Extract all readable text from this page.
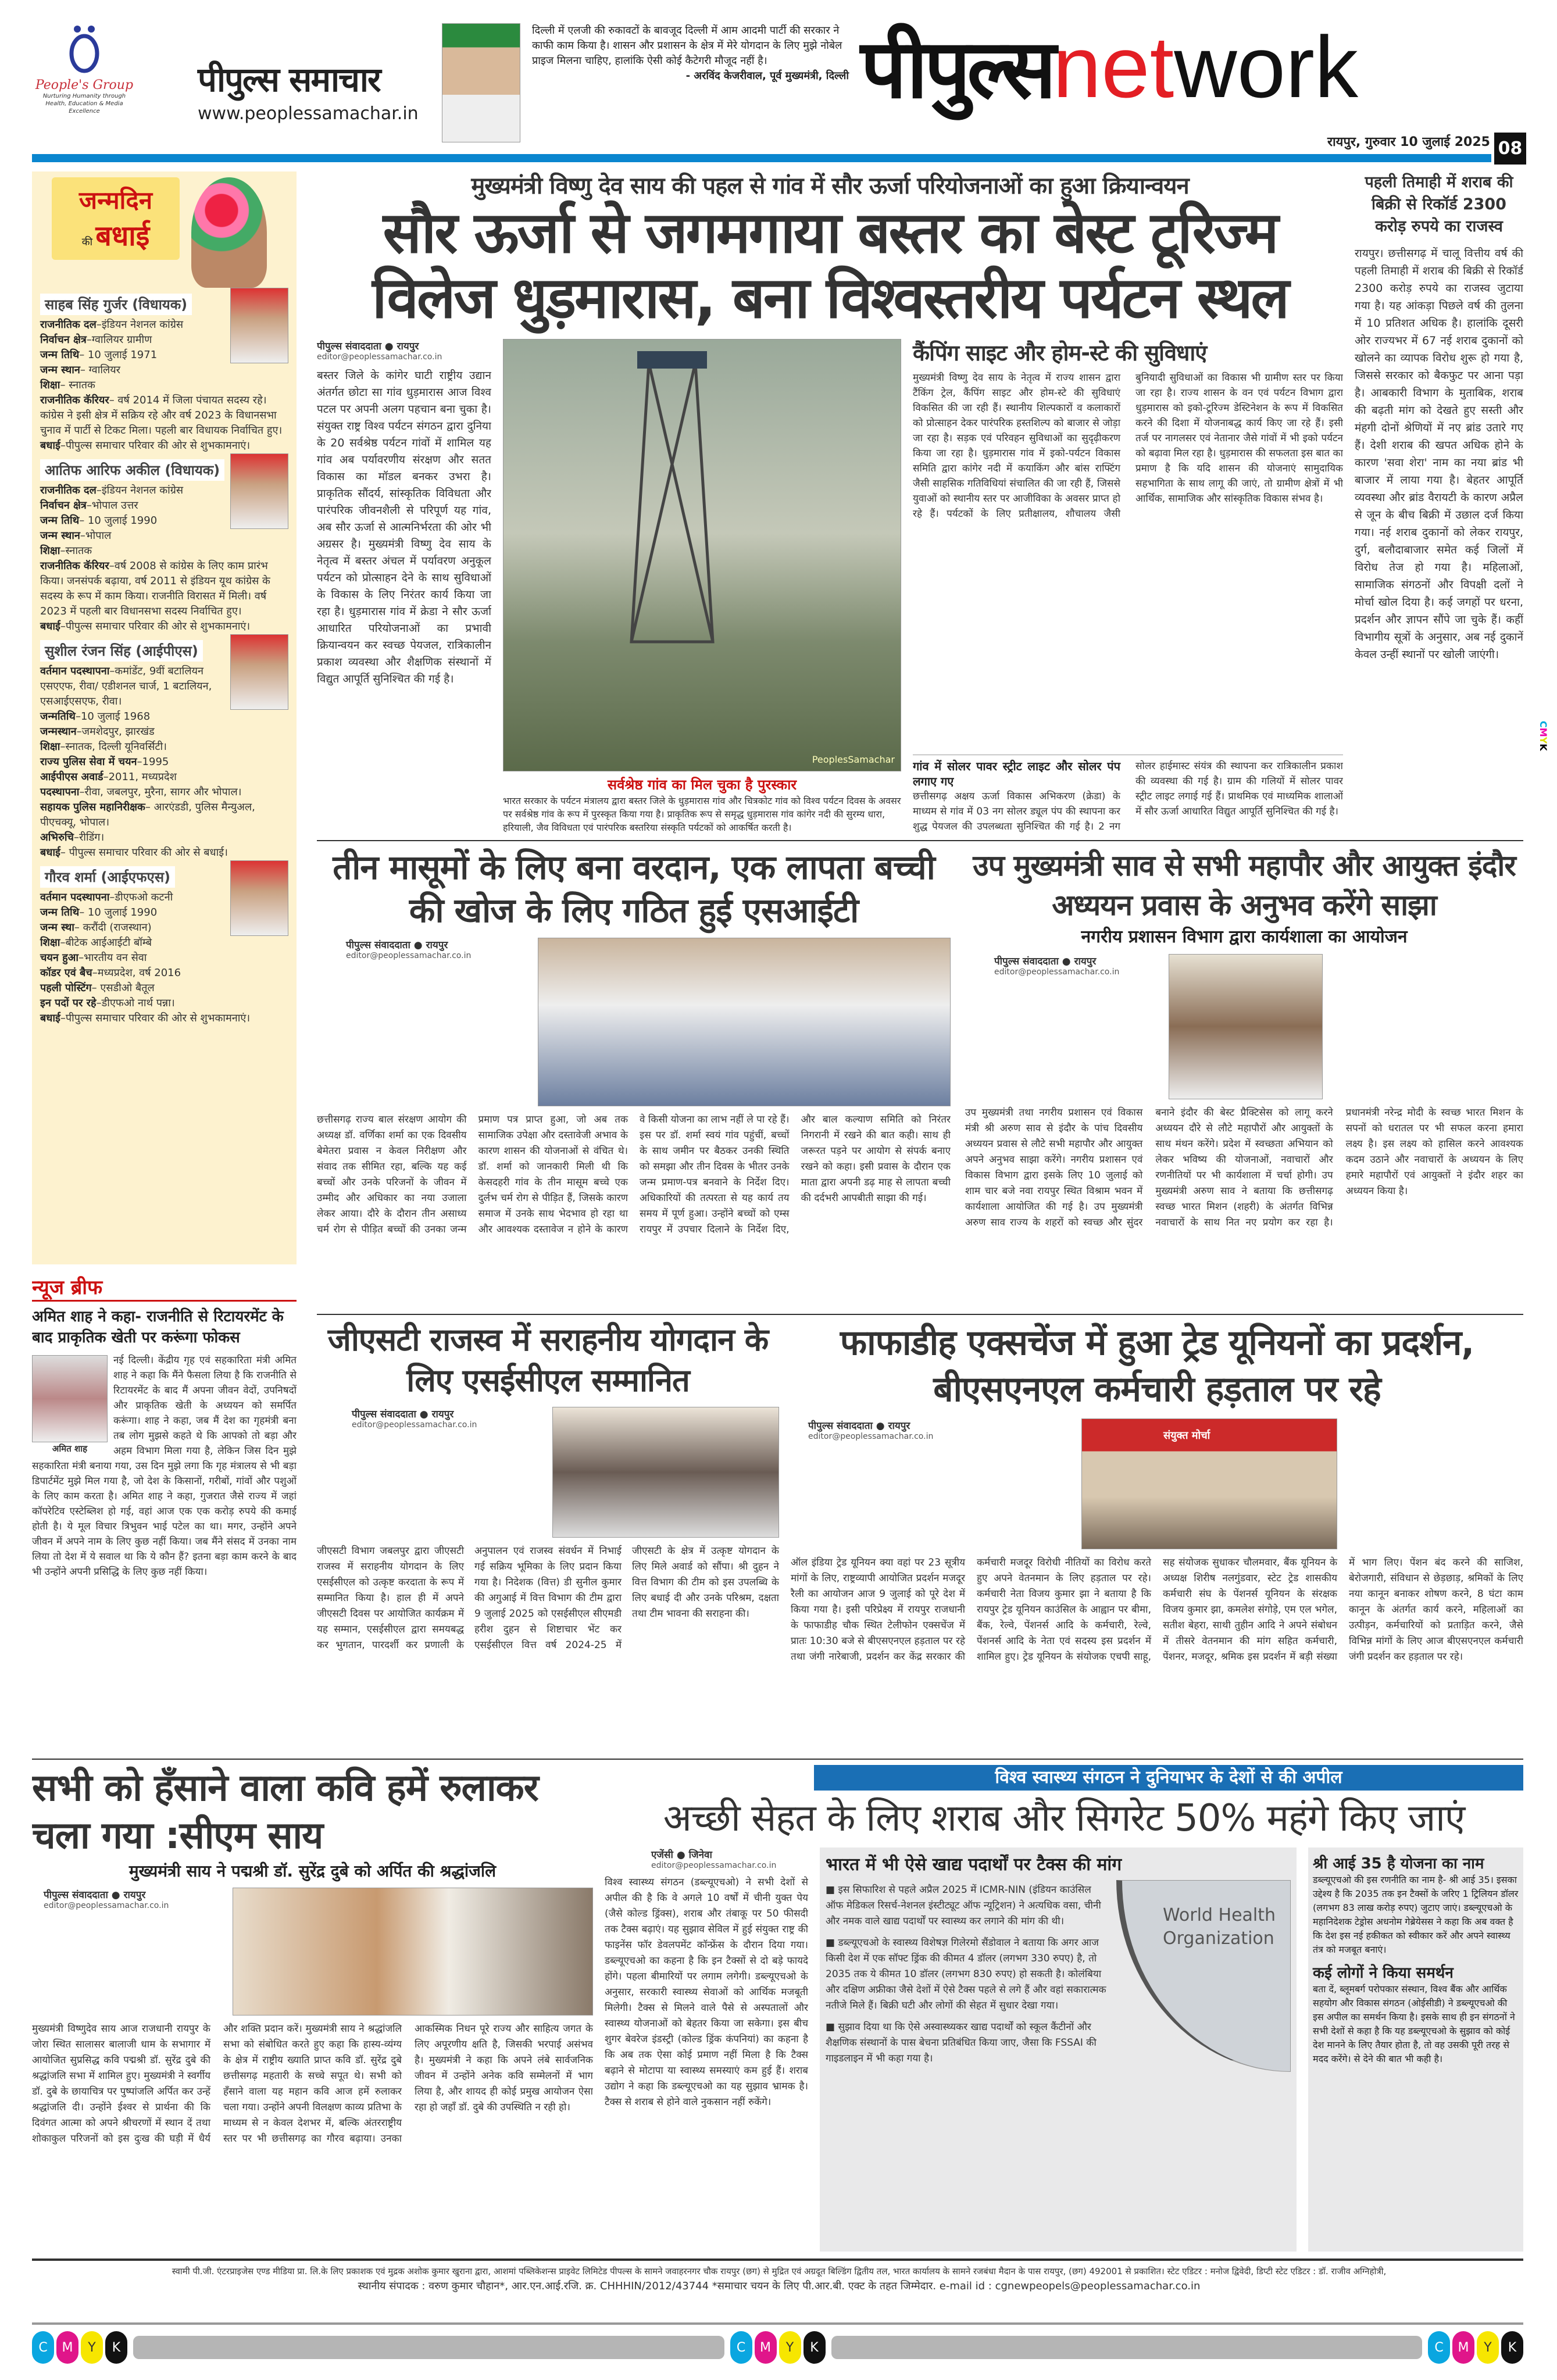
People's Group
Nurturing Humanity through Health, Education & Media Excellence
पीपुल्स समाचार
www.peoplessamachar.in
दिल्ली में एलजी की रुकावटों के बावजूद दिल्ली में आम आदमी पार्टी की सरकार ने काफी काम किया है। शासन और प्रशासन के क्षेत्र में मेरे योगदान के लिए मुझे नोबेल प्राइज मिलना चाहिए, हालांकि ऐसी कोई कैटेगरी मौजूद नहीं है।
- अरविंद केजरीवाल, पूर्व मुख्यमंत्री, दिल्ली पीपुल्सnetwork
रायपुर, गुरुवार 10 जुलाई 2025 08
जन्मदिन
की बधाई
साहब सिंह गुर्जर (विधायक)
राजनीतिक दल–इंडियन नेशनल कांग्रेस
निर्वाचन क्षेत्र–ग्वालियर ग्रामीण
जन्म तिथि– 10 जुलाई 1971
जन्म स्थान– ग्वालियर
शिक्षा– स्नातक
राजनीतिक कॅरियर– वर्ष 2014 में जिला पंचायत सदस्य रहे। कांग्रेस ने इसी क्षेत्र में सक्रिय रहे और वर्ष 2023 के विधानसभा चुनाव में पार्टी से टिकट मिला। पहली बार विधायक निर्वाचित हुए।
बधाई–पीपुल्स समाचार परिवार की ओर से शुभकामनाएं।
आतिफ आरिफ अकील (विधायक)
राजनीतिक दल–इंडियन नेशनल कांग्रेस
निर्वाचन क्षेत्र–भोपाल उत्तर
जन्म तिथि– 10 जुलाई 1990
जन्म स्थान–भोपाल
शिक्षा–स्नातक
राजनीतिक कॅरियर–वर्ष 2008 से कांग्रेस के लिए काम प्रारंभ किया। जनसंपर्क बढ़ाया, वर्ष 2011 से इंडियन यूथ कांग्रेस के सदस्य के रूप में काम किया। राजनीति विरासत में मिली। वर्ष 2023 में पहली बार विधानसभा सदस्य निर्वाचित हुए।
बधाई–पीपुल्स समाचार परिवार की ओर से शुभकामनाएं।
सुशील रंजन सिंह (आईपीएस)
वर्तमान पदस्थापना–कमांडेंट, 9वीं बटालियन एसएएफ, रीवा/ एडीशनल चार्ज, 1 बटालियन, एसआईएसएफ, रीवा।
जन्मतिथि–10 जुलाई 1968
जन्मस्थान–जमशेदपुर, झारखंड
शिक्षा–स्नातक, दिल्ली यूनिवर्सिटी।
राज्य पुलिस सेवा में चयन–1995
आईपीएस अवार्ड–2011, मध्यप्रदेश
पदस्थापना–रीवा, जबलपुर, मुरैना, सागर और भोपाल।
सहायक पुलिस महानिरीक्षक– आरएंडडी, पुलिस मैन्युअल, पीएचक्यू, भोपाल।
अभिरुचि–रीडिंग।
बधाई– पीपुल्स समाचार परिवार की ओर से बधाई।
गौरव शर्मा (आईएफएस)
वर्तमान पदस्थापना–डीएफओ कटनी
जन्म तिथि– 10 जुलाई 1990
जन्म स्था– करौंदी (राजस्थान)
शिक्षा–बीटेक आईआईटी बॉम्बे
चयन हुआ–भारतीय वन सेवा
कॉडर एवं बैच–मध्यप्रदेश, वर्ष 2016
पहली पोस्टिंग– एसडीओ बैतूल
इन पदों पर रहे–डीएफओ नार्थ पन्ना।
बधाई–पीपुल्स समाचार परिवार की ओर से शुभकामनाएं।
मुख्यमंत्री विष्णु देव साय की पहल से गांव में सौर ऊर्जा परियोजनाओं का हुआ क्रियान्वयन
सौर ऊर्जा से जगमगाया बस्तर का बेस्ट टूरिज्म
विलेज धुड़मारास, बना विश्वस्तरीय पर्यटन स्थल
पीपुल्स संवाददाता ● रायपुर
editor@peoplessamachar.co.in
बस्तर जिले के कांगेर घाटी राष्ट्रीय उद्यान अंतर्गत छोटा सा गांव धुड़मारास आज विश्व पटल पर अपनी अलग पहचान बना चुका है। संयुक्त राष्ट्र विश्व पर्यटन संगठन द्वारा दुनिया के 20 सर्वश्रेष्ठ पर्यटन गांवों में शामिल यह गांव अब पर्यावरणीय संरक्षण और सतत विकास का मॉडल बनकर उभरा है। प्राकृतिक सौंदर्य, सांस्कृतिक विविधता और पारंपरिक जीवनशैली से परिपूर्ण यह गांव, अब सौर ऊर्जा से आत्मनिर्भरता की ओर भी अग्रसर है। मुख्यमंत्री विष्णु देव साय के नेतृत्व में बस्तर अंचल में पर्यावरण अनुकूल पर्यटन को प्रोत्साहन देने के साथ सुविधाओं के विकास के लिए निरंतर कार्य किया जा रहा है। धुड़मारास गांव में क्रेडा ने सौर ऊर्जा आधारित परियोजनाओं का प्रभावी क्रियान्वयन कर स्वच्छ पेयजल, रात्रिकालीन प्रकाश व्यवस्था और शैक्षणिक संस्थानों में विद्युत आपूर्ति सुनिश्चित की गई है।
PeoplesSamachar
सर्वश्रेष्ठ गांव का मिल चुका है पुरस्कार
भारत सरकार के पर्यटन मंत्रालय द्वारा बस्तर जिले के धुड़मारास गांव और चित्रकोट गांव को विश्व पर्यटन दिवस के अवसर पर सर्वश्रेष्ठ गांव के रूप में पुरस्कृत किया गया है। प्राकृतिक रूप से समृद्ध धुड़मारास गांव कांगेर नदी की सुरम्य धारा, हरियाली, जैव विविधता एवं पारंपरिक बस्तरिया संस्कृति पर्यटकों को आकर्षित करती है।
कैंपिंग साइट और होम-स्टे की सुविधाएं
मुख्यमंत्री विष्णु देव साय के नेतृत्व में राज्य शासन द्वारा टैंकिंग ट्रेल, कैंपिंग साइट और होम-स्टे की सुविधाएं विकसित की जा रही हैं। स्थानीय शिल्पकारों व कलाकारों को प्रोत्साहन देकर पारंपरिक हस्तशिल्प को बाजार से जोड़ा जा रहा है। सड़क एवं परिवहन सुविधाओं का सुदृढ़ीकरण किया जा रहा है। धुड़मारास गांव में इको-पर्यटन विकास समिति द्वारा कांगेर नदी में कयाकिंग और बांस राफ्टिंग जैसी साहसिक गतिविधियां संचालित की जा रही हैं, जिससे युवाओं को स्थानीय स्तर पर आजीविका के अवसर प्राप्त हो रहे हैं। पर्यटकों के लिए प्रतीक्षालय, शौचालय जैसी बुनियादी सुविधाओं का विकास भी ग्रामीण स्तर पर किया जा रहा है। राज्य शासन के वन एवं पर्यटन विभाग द्वारा धुड़मारास को इको-टूरिज्म डेस्टिनेशन के रूप में विकसित करने की दिशा में योजनाबद्ध कार्य किए जा रहे हैं। इसी तर्ज पर नागलसर एवं नेतानार जैसे गांवों में भी इको पर्यटन को बढ़ावा मिल रहा है। धुड़मारास की सफलता इस बात का प्रमाण है कि यदि शासन की योजनाएं सामुदायिक सहभागिता के साथ लागू की जाएं, तो ग्रामीण क्षेत्रों में भी आर्थिक, सामाजिक और सांस्कृतिक विकास संभव है।
गांव में सोलर पावर स्ट्रीट लाइट और सोलर पंप लगाए गए
छत्तीसगढ़ अक्षय ऊर्जा विकास अभिकरण (क्रेडा) के माध्यम से गांव में 03 नग सोलर ड्यूल पंप की स्थापना कर शुद्ध पेयजल की उपलब्धता सुनिश्चित की गई है। 2 नग सोलर हाईमास्ट संयंत्र की स्थापना कर रात्रिकालीन प्रकाश की व्यवस्था की गई है। ग्राम की गलियों में सोलर पावर स्ट्रीट लाइट लगाई गई हैं। प्राथमिक एवं माध्यमिक शालाओं में सौर ऊर्जा आधारित विद्युत आपूर्ति सुनिश्चित की गई है।
पहली तिमाही में शराब की बिक्री से रिकॉर्ड 2300 करोड़ रुपये का राजस्व
रायपुर। छत्तीसगढ़ में चालू वित्तीय वर्ष की पहली तिमाही में शराब की बिक्री से रिकॉर्ड 2300 करोड़ रुपये का राजस्व जुटाया गया है। यह आंकड़ा पिछले वर्ष की तुलना में 10 प्रतिशत अधिक है। हालांकि दूसरी ओर राज्यभर में 67 नई शराब दुकानों को खोलने का व्यापक विरोध शुरू हो गया है, जिससे सरकार को बैकफुट पर आना पड़ा है। आबकारी विभाग के मुताबिक, शराब की बढ़ती मांग को देखते हुए सस्ती और मंहगी दोनों श्रेणियों में नए ब्रांड उतारे गए हैं। देशी शराब की खपत अधिक होने के कारण 'सवा शेरा' नाम का नया ब्रांड भी बाजार में लाया गया है। बेहतर आपूर्ति व्यवस्था और ब्रांड वैरायटी के कारण अप्रैल से जून के बीच बिक्री में उछाल दर्ज किया गया। नई शराब दुकानों को लेकर रायपुर, दुर्ग, बलौदाबाजार समेत कई जिलों में विरोध तेज हो गया है। महिलाओं, सामाजिक संगठनों और विपक्षी दलों ने मोर्चा खोल दिया है। कई जगहों पर धरना, प्रदर्शन और ज्ञापन सौंपे जा चुके हैं। कहीं विभागीय सूत्रों के अनुसार, अब नई दुकानें केवल उन्हीं स्थानों पर खोली जाएंगी।
CMYK
तीन मासूमों के लिए बना वरदान, एक लापता बच्ची की खोज के लिए गठित हुई एसआईटी
पीपुल्स संवाददाता ● रायपुर
editor@peoplessamachar.co.in
छत्तीसगढ़ राज्य बाल संरक्षण आयोग की अध्यक्ष डॉ. वर्णिका शर्मा का एक दिवसीय बेमेतरा प्रवास न केवल निरीक्षण और संवाद तक सीमित रहा, बल्कि यह कई बच्चों और उनके परिजनों के जीवन में उम्मीद और अधिकार का नया उजाला लेकर आया। दौरे के दौरान तीन असाध्य चर्म रोग से पीड़ित बच्चों की उनका जन्म प्रमाण पत्र प्राप्त हुआ, जो अब तक सामाजिक उपेक्षा और दस्तावेजी अभाव के कारण शासन की योजनाओं से वंचित थे। डॉ. शर्मा को जानकारी मिली थी कि केसदहरी गांव के तीन मासूम बच्चे एक दुर्लभ चर्म रोग से पीड़ित हैं, जिसके कारण समाज में उनके साथ भेदभाव हो रहा था और आवश्यक दस्तावेज न होने के कारण वे किसी योजना का लाभ नहीं ले पा रहे हैं। इस पर डॉ. शर्मा स्वयं गांव पहुंचीं, बच्चों के साथ जमीन पर बैठकर उनकी स्थिति को समझा और तीन दिवस के भीतर उनके जन्म प्रमाण-पत्र बनवाने के निर्देश दिए। अधिकारियों की तत्परता से यह कार्य तय समय में पूर्ण हुआ। उन्होंने बच्चों को एम्स रायपुर में उपचार दिलाने के निर्देश दिए, और बाल कल्याण समिति को निरंतर निगरानी में रखने की बात कही। साथ ही जरूरत पड़ने पर आयोग से संपर्क बनाए रखने को कहा। इसी प्रवास के दौरान एक माता द्वारा अपनी डढ़ माह से लापता बच्ची की दर्दभरी आपबीती साझा की गई।
उप मुख्यमंत्री साव से सभी महापौर और आयुक्त इंदौर अध्ययन प्रवास के अनुभव करेंगे साझा
नगरीय प्रशासन विभाग द्वारा कार्यशाला का आयोजन
पीपुल्स संवाददाता ● रायपुर
editor@peoplessamachar.co.in
उप मुख्यमंत्री तथा नगरीय प्रशासन एवं विकास मंत्री श्री अरुण साव से इंदौर के पांच दिवसीय अध्ययन प्रवास से लौटे सभी महापौर और आयुक्त अपने अनुभव साझा करेंगे। नगरीय प्रशासन एवं विकास विभाग द्वारा इसके लिए 10 जुलाई को शाम चार बजे नवा रायपुर स्थित विश्राम भवन में कार्यशाला आयोजित की गई है। उप मुख्यमंत्री अरुण साव राज्य के शहरों को स्वच्छ और सुंदर बनाने इंदौर की बेस्ट प्रैक्टिसेस को लागू करने अध्ययन दौरे से लौटे महापौरों और आयुक्तों के साथ मंथन करेंगे। प्रदेश में स्वच्छता अभियान को लेकर भविष्य की योजनाओं, नवाचारों और रणनीतियों पर भी कार्यशाला में चर्चा होगी। उप मुख्यमंत्री अरुण साव ने बताया कि छत्तीसगढ़ स्वच्छ भारत मिशन (शहरी) के अंतर्गत विभिन्न नवाचारों के साथ नित नए प्रयोग कर रहा है। प्रधानमंत्री नरेन्द्र मोदी के स्वच्छ भारत मिशन के सपनों को धरातल पर भी सफल करना हमारा लक्ष्य है। इस लक्ष्य को हासिल करने आवश्यक कदम उठाने और नवाचारों के अध्ययन के लिए हमारे महापौरों एवं आयुक्तों ने इंदौर शहर का अध्ययन किया है।
न्यूज ब्रीफ
अमित शाह ने कहा- राजनीति से रिटायरमेंट के बाद प्राकृतिक खेती पर करूंगा फोकस
अमित शाह
नई दिल्ली। केंद्रीय गृह एवं सहकारिता मंत्री अमित शाह ने कहा कि मैंने फैसला लिया है कि राजनीति से रिटायरमेंट के बाद मैं अपना जीवन वेदों, उपनिषदों और प्राकृतिक खेती के अध्ययन को समर्पित करूंगा। शाह ने कहा, जब मैं देश का गृहमंत्री बना तब लोग मुझसे कहते थे कि आपको तो बड़ा और अहम विभाग मिला गया है, लेकिन जिस दिन मुझे सहकारिता मंत्री बनाया गया, उस दिन मुझे लगा कि गृह मंत्रालय से भी बड़ा डिपार्टमेंट मुझे मिल गया है, जो देश के किसानों, गरीबों, गांवों और पशुओं के लिए काम करता है। अमित शाह ने कहा, गुजरात जैसे राज्य में जहां कॉपरेटिव एस्टेब्लिश हो गई, वहां आज एक एक करोड़ रुपये की कमाई होती है। ये मूल विचार त्रिभुवन भाई पटेल का था। मगर, उन्होंने अपने जीवन में अपने नाम के लिए कुछ नहीं किया। जब मैंने संसद में उनका नाम लिया तो देश में ये सवाल था कि ये कौन हैं? इतना बड़ा काम करने के बाद भी उन्होंने अपनी प्रसिद्धि के लिए कुछ नहीं किया।
जीएसटी राजस्व में सराहनीय योगदान के लिए एसईसीएल सम्मानित
पीपुल्स संवाददाता ● रायपुर
editor@peoplessamachar.co.in
जीएसटी विभाग जबलपुर द्वारा जीएसटी राजस्व में सराहनीय योगदान के लिए एसईसीएल को उत्कृष्ट करदाता के रूप में सम्मानित किया है। हाल ही में अपने जीएसटी दिवस पर आयोजित कार्यक्रम में यह सम्मान, एसईसीएल द्वारा समयबद्ध कर भुगतान, पारदर्शी कर प्रणाली के अनुपालन एवं राजस्व संवर्धन में निभाई गई सक्रिय भूमिका के लिए प्रदान किया गया है। निदेशक (वित्त) डी सुनील कुमार की अगुआई में वित्त विभाग की टीम द्वारा 9 जुलाई 2025 को एसईसीएल सीएमडी हरीश दुहन से शिष्टाचार भेंट कर एसईसीएल वित्त वर्ष 2024-25 में जीएसटी के क्षेत्र में उत्कृष्ट योगदान के लिए मिले अवार्ड को सौंपा। श्री दुहन ने वित्त विभाग की टीम को इस उपलब्धि के लिए बधाई दी और उनके परिश्रम, दक्षता तथा टीम भावना की सराहना की।
फाफाडीह एक्सचेंज में हुआ ट्रेड यूनियनों का प्रदर्शन, बीएसएनएल कर्मचारी हड़ताल पर रहे
पीपुल्स संवाददाता ● रायपुर
editor@peoplessamachar.co.in	संयुक्त मोर्चा
ऑल इंडिया ट्रेड यूनियन क्या वहां पर 23 सूत्रीय मांगों के लिए, राष्ट्रव्यापी आयोजित प्रदर्शन मजदूर रैली का आयोजन आज 9 जुलाई को पूरे देश में किया गया है। इसी परिप्रेक्ष्य में रायपुर राजधानी के फाफाडीह चौक स्थित टेलीफोन एक्सचेंज में प्रातः 10:30 बजे से बीएसएनएल हड़ताल पर रहे तथा जंगी नारेबाजी, प्रदर्शन कर केंद्र सरकार की कर्मचारी मजदूर विरोधी नीतियों का विरोध करते हुए अपने वेतनमान के लिए हड़ताल पर रहे। कर्मचारी नेता विजय कुमार झा ने बताया है कि रायपुर ट्रेड यूनियन काउंसिल के आह्वान पर बीमा, बैंक, रेल्वे, पेंशनर्स आदि के कर्मचारी, रेल्वे, पेंशनर्स आदि के नेता एवं सदस्य इस प्रदर्शन में शामिल हुए। ट्रेड यूनियन के संयोजक एचपी साहू, सह संयोजक सुधाकर चौलमवार, बैंक यूनियन के अध्यक्ष शिरीष नलगुंडवार, स्टेट ट्रेड शासकीय कर्मचारी संघ के पेंशनर्स यूनियन के संरक्षक विजय कुमार झा, कमलेश संगोड़े, एम एल भगेल, सतीश बेहरा, साथी तुहीन आदि ने अपने संबोधन में तीसरे वेतनमान की मांग सहित कर्मचारी, पेंशनर, मजदूर, श्रमिक इस प्रदर्शन में बड़ी संख्या में भाग लिए। पेंशन बंद करने की साजिश, बेरोजगारी, संविधान से छेड़छाड़, श्रमिकों के लिए नया कानून बनाकर शोषण करने, 8 घंटा काम कानून के अंतर्गत कार्य करने, महिलाओं का उत्पीड़न, कर्मचारियों को प्रताड़ित करने, जैसे विभिन्न मांगों के लिए आज बीएसएनएल कर्मचारी जंगी प्रदर्शन कर हड़ताल पर रहे।
सभी को हँसाने वाला कवि हमें रुलाकर चला गया :सीएम साय
मुख्यमंत्री साय ने पद्मश्री डॉ. सुरेंद्र दुबे को अर्पित की श्रद्धांजलि
पीपुल्स संवाददाता ● रायपुर
editor@peoplessamachar.co.in
मुख्यमंत्री विष्णुदेव साय आज राजधानी रायपुर के जोरा स्थित सालासर बालाजी धाम के सभागार में आयोजित सुप्रसिद्ध कवि पद्मश्री डॉ. सुरेंद्र दुबे की श्रद्धांजलि सभा में शामिल हुए। मुख्यमंत्री ने स्वर्गीय डॉ. दुबे के छायाचित्र पर पुष्पांजलि अर्पित कर उन्हें श्रद्धांजलि दी। उन्होंने ईश्वर से प्रार्थना की कि दिवंगत आत्मा को अपने श्रीचरणों में स्थान दें तथा शोकाकुल परिजनों को इस दुःख की घड़ी में धैर्य और शक्ति प्रदान करें। मुख्यमंत्री साय ने श्रद्धांजलि सभा को संबोधित करते हुए कहा कि हास्य-व्यंग्य के क्षेत्र में राष्ट्रीय ख्याति प्राप्त कवि डॉ. सुरेंद्र दुबे छत्तीसगढ़ महतारी के सच्चे सपूत थे। सभी को हँसाने वाला यह महान कवि आज हमें रुलाकर चला गया। उन्होंने अपनी विलक्षण काव्य प्रतिभा के माध्यम से न केवल देशभर में, बल्कि अंतरराष्ट्रीय स्तर पर भी छत्तीसगढ़ का गौरव बढ़ाया। उनका आकस्मिक निधन पूरे राज्य और साहित्य जगत के लिए अपूरणीय क्षति है, जिसकी भरपाई असंभव है। मुख्यमंत्री ने कहा कि अपने लंबे सार्वजनिक जीवन में उन्होंने अनेक कवि सम्मेलनों में भाग लिया है, और शायद ही कोई प्रमुख आयोजन ऐसा रहा हो जहाँ डॉ. दुबे की उपस्थिति न रही हो।
विश्व स्वास्थ्य संगठन ने दुनियाभर के देशों से की अपील
अच्छी सेहत के लिए शराब और सिगरेट 50% महंगे किए जाएं
एजेंसी ● जिनेवा
editor@peoplessamachar.co.in
विश्व स्वास्थ्य संगठन (डब्ल्यूएचओ) ने सभी देशों से अपील की है कि वे अगले 10 वर्षों में चीनी युक्त पेय (जैसे कोल्ड ड्रिंक्स), शराब और तंबाकू पर 50 फीसदी तक टैक्स बढ़ाएं। यह सुझाव सेविल में हुई संयुक्त राष्ट्र की फाइनेंस फॉर डेवलपमेंट कॉन्फ्रेंस के दौरान दिया गया। डब्ल्यूएचओ का कहना है कि इन टैक्सों से दो बड़े फायदे होंगे। पहला बीमारियों पर लगाम लगेगी। डब्ल्यूएचओ के अनुसार, सरकारी स्वास्थ्य सेवाओं को आर्थिक मजबूती मिलेगी। टैक्स से मिलने वाले पैसे से अस्पतालों और स्वास्थ्य योजनाओं को बेहतर किया जा सकेगा। इस बीच शुगर बेवरेज इंडस्ट्री (कोल्ड ड्रिंक कंपनियां) का कहना है कि अब तक ऐसा कोई प्रमाण नहीं मिला है कि टैक्स बढ़ाने से मोटापा या स्वास्थ्य समस्याएं कम हुई हैं। शराब उद्योग ने कहा कि डब्ल्यूएचओ का यह सुझाव भ्रामक है। टैक्स से शराब से होने वाले नुकसान नहीं रुकेंगे।
भारत में भी ऐसे खाद्य पदार्थों पर टैक्स की मांग
World Health Organization

■ इस सिफारिश से पहले अप्रैल 2025 में ICMR-NIN (इंडियन काउंसिल ऑफ मेडिकल रिसर्च-नेशनल इंस्टीट्यूट ऑफ न्यूट्रिशन) ने अत्यधिक वसा, चीनी और नमक वाले खाद्य पदार्थों पर स्वास्थ्य कर लगाने की मांग की थी।

■ डब्ल्यूएचओ के स्वास्थ्य विशेषज्ञ गिलेरमो सैंडोवाल ने बताया कि अगर आज किसी देश में एक सॉफ्ट ड्रिंक की कीमत 4 डॉलर (लगभग 330 रुपए) है, तो 2035 तक ये कीमत 10 डॉलर (लगभग 830 रुपए) हो सकती है। कोलंबिया और दक्षिण अफ्रीका जैसे देशों में ऐसे टैक्स पहले से लगे हैं और वहां सकारात्मक नतीजे मिले हैं। बिक्री घटी और लोगों की सेहत में सुधार देखा गया।

■ सुझाव दिया था कि ऐसे अस्वास्थ्यकर खाद्य पदार्थों को स्कूल कैंटीनों और शैक्षणिक संस्थानों के पास बेचना प्रतिबंधित किया जाए, जैसा कि FSSAI की गाइडलाइन में भी कहा गया है।

श्री आई 35 है योजना का नाम
डब्ल्यूएचओ की इस रणनीति का नाम है- श्री आई 35। इसका उद्देश्य है कि 2035 तक इन टैक्सों के जरिए 1 ट्रिलियन डॉलर (लगभग 83 लाख करोड़ रुपए) जुटाए जाएं। डब्ल्यूएचओ के महानिदेशक टेड्रोस अधनोम गेब्रेयेसस ने कहा कि अब वक्त है कि देश इस नई हकीकत को स्वीकार करें और अपने स्वास्थ्य तंत्र को मजबूत बनाएं।
कई लोगों ने किया समर्थन
बता दें, ब्लूमबर्ग परोपकार संस्थान, विश्व बैंक और आर्थिक सहयोग और विकास संगठन (ओईसीडी) ने डब्ल्यूएचओ की इस अपील का समर्थन किया है। इसके साथ ही इन संगठनों ने सभी देशों से कहा है कि यह डब्ल्यूएचओ के सुझाव को कोई देश मानने के लिए तैयार होता है, तो वह उसकी पूरी तरह से मदद करेंगे। से देने की बात भी कही है।
स्वामी पी.जी. एंटरप्राइजेस एण्ड मीडिया प्रा. लि.के लिए प्रकाशक एवं मुद्रक अशोक कुमार खुराना द्वारा, आशमां पब्लिकेशन्स प्राइवेट लिमिटेड पीपल्स के सामने जवाहरनगर चौक रायपुर (छग) से मुद्रित एवं अग्रदूत बिल्डिंग द्वितीय तल, भारत कार्यालय के सामने रजबंधा मैदान के पास रायपुर, (छग) 492001 से प्रकाशित। स्टेट एडिटर : मनोज द्विवेदी, डिप्टी स्टेट एडिटर : डॉ. राजीव अग्निहोत्री,
स्थानीय संपादक : वरुण कुमार चौहान*, आर.एन.आई.रजि. क्र. CHHHIN/2012/43744 *समाचार चयन के लिए पी.आर.बी. एक्ट के तहत जिम्मेदार. e-mail id : cgnewpeopels@peoplessamachar.co.in
C	M	Y	K	C	M	Y	K	C	M	Y	K
